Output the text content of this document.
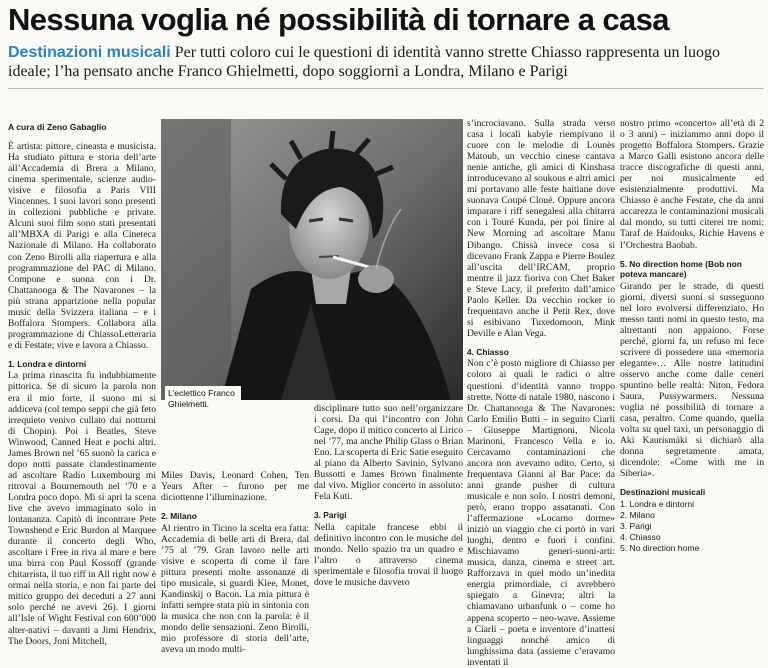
Nessuna voglia né possibilità di tornare a casa
Destinazioni musicali Per tutti coloro cui le questioni di identità vanno strette Chiasso rappresenta un luogo ideale; l’ha pensato anche Franco Ghielmetti, dopo soggiorni a Londra, Milano e Parigi

A cura di Zeno Gabaglio

È artista: pittore, cineasta e musicista. Ha studiato pittura e storia dell’arte all’Accademia di Brera a Milano, cinema sperimentale, scienze audio-visive e filosofia a Paris VIII Vincennes. I suoi lavori sono presenti in collezioni pubbliche e private. Alcuni suoi film sono stati presentati all’MBXA di Parigi e alla Cineteca Nazionale di Milano. Ha collaborato con Zeno Birolli alla riapertura e alla programmazione del PAC di Milano. Compone e suona con i Dr. Chattanooga & The Navarones – la più strana apparizione nella popular music della Svizzera italiana – e i Boffalora Stompers. Collabora alla programmazione di ChiassoLetteraria e di Festate; vive e lavora a Chiasso.

1. Londra e dintorni

La prima rinascita fu indubbiamente pittorica. Se di sicuro la parola non era il mio forte, il suono mi si addiceva (col tempo seppi che già feto irrequieto venivo cullato dai notturni di Chopin). Poi i Beatles, Steve Winwood, Canned Heat e pochi altri. James Brown nel ’65 suonò la carica e dopo notti passate clandestinamente ad ascoltare Radio Luxembourg mi ritrovai a Bournemouth nel ’70 e a Londra poco dopo. Mi si aprì la scena live che avevo immaginato solo in lontananza. Capitò di incontrare Pete Townshend e Eric Burdon al Marquee durante il concerto degli Who, ascoltare i Free in riva al mare e bere una birra con Paul Kossoff (grande chitarrista, il tuo riff in All right now è ormai nella storia, e non fai parte del mitico gruppo dei deceduti a 27 anni solo perché ne avevi 26). I giorni all’Isle of Wight Festival con 600’000 alter-nativi – davanti a Jimi Hendrix, The Doors, Joni Mitchell,

L’eclettico Franco Ghielmetti.

Miles Davis, Leonard Cohen, Ten Years After – furono per me diciottenne l’illuminazione.

2. Milano

Al rientro in Ticino la scelta era fatta: Accademia di belle arti di Brera, dal ’75 al ’79. Gran lavoro nelle arti visive e scoperta di come il fare pittura presenti molte assonanze di tipo musicale, si guardi Klee, Monet, Kandinskij o Bacon. La mia pittura è infatti sempre stata più in sintonia con la musica che non con la parola: è il mondo delle sensazioni. Zeno Birolli, mio professore di storia dell’arte, aveva un modo multi-

disciplinare tutto suo nell’organizzare i corsi. Da qui l’incontro con John Cage, dopo il mitico concerto al Lirico nel ’77, ma anche Philip Glass o Brian Eno. La scoperta di Eric Satie eseguito al piano da Alberto Savinio, Sylvano Bussotti e James Brown finalmente dal vivo. Miglior concerto in assoluto: Fela Kuti.

3. Parigi

Nella capitale francese ebbi il definitivo incontro con le musiche del mondo. Nello spazio tra un quadro e l’altro o attraverso cinema sperimentale e filosofia trovai il luogo dove le musiche davvero

s’incrociavano. Sulla strada verso casa i locali kabyle riempivano il cuore con le melodie di Lounès Matoub, un vecchio cinese cantava nenie antiche, gli amici di Kinshasa introducevano al soukous e altri amici mi portavano alle feste haitiane dove suonava Coupé Cloué. Oppure ancora imparare i riff senegalesi alla chitarra con i Touré Kunda, per poi finire al New Morning ad ascoltare Manu Dibango. Chissà invece cosa si dicevano Frank Zappa e Pierre Boulez all’uscita dell’IRCAM, proprio mentre il jazz fioriva con Chet Baker e Steve Lacy, il preferito dall’amico Paolo Keller. Da vecchio rocker io frequentavo anche il Petit Rex, dove si esibivano Tuxedomoon, Mink Deville e Alan Vega.

4. Chiasso

Non c’è posto migliore di Chiasso per coloro ai quali le radici o altre questioni d’identità vanno troppo strette. Notte di natale 1980, nascono i Dr. Chattanooga & The Navarones: Carlo Emilio Butti – in seguito Ciarli – Giuseppe Martignoni, Nicola Marinoni, Francesco Vella e io. Cercavamo contaminazioni che ancora non avevamo udito. Certo, si frequentava Gianni al Bar Pace: da anni grande pusher di cultura musicale e non solo. I nostri demoni, però, erano troppo assatanati. Con l’affermazione «Locarno dorme» iniziò un viaggio che ci portò in vari luoghi, dentro e fuori i confini. Mischiavamo generi-suoni-arti: musica, danza, cinema e street art. Rafforzava in quel modo un’inedita energia primordiale, ci avrebbero spiegato a Ginevra; altri la chiamavano urbanfunk o – come ho appena scoperto – neo-wave. Assieme a Ciarli – poeta e inventore d’inattesi linguaggi nonché amico di lunghissima data (assieme c’eravamo inventati il

nostro primo «concerto» all’età di 2 o 3 anni) – iniziammo anni dopo il progetto Boffalora Stompers. Grazie a Marco Galli esistono ancora delle tracce discografiche di questi anni, per noi musicalmente ed esistenzialmente produttivi. Ma Chiasso è anche Festate, che da anni accarezza le contaminazioni musicali dal mondo, su tutti citerei tre nomi: Taraf de Haïdouks, Richie Havens e l’Orchestra Baobab.

5. No direction home (Bob non poteva mancare)

Girando per le strade, di questi giorni, diversi suoni si susseguono nel loro evolversi differenziato. Ho messo tanti nomi in questo testo, ma altrettanti non appaiono. Forse perché, giorni fa, un refuso mi fece scrivere di possedere una «memoria elegante»… Alle nostre latitudini osservo anche come dalle ceneri spuntino belle realtà: Niton, Fedora Saura, Pussywarmers. Nessuna voglia né possibilità di tornare a casa, peraltro. Come quando, quella volta su quel taxi, un personaggio di Aki Kaurismäki si dichiarò alla donna segretamente amata, dicendole: «Come with me in Siberia».

Destinazioni musicali
1. Londra e dintorni
2. Milano
3. Parigi
4. Chiasso
5. No direction home
